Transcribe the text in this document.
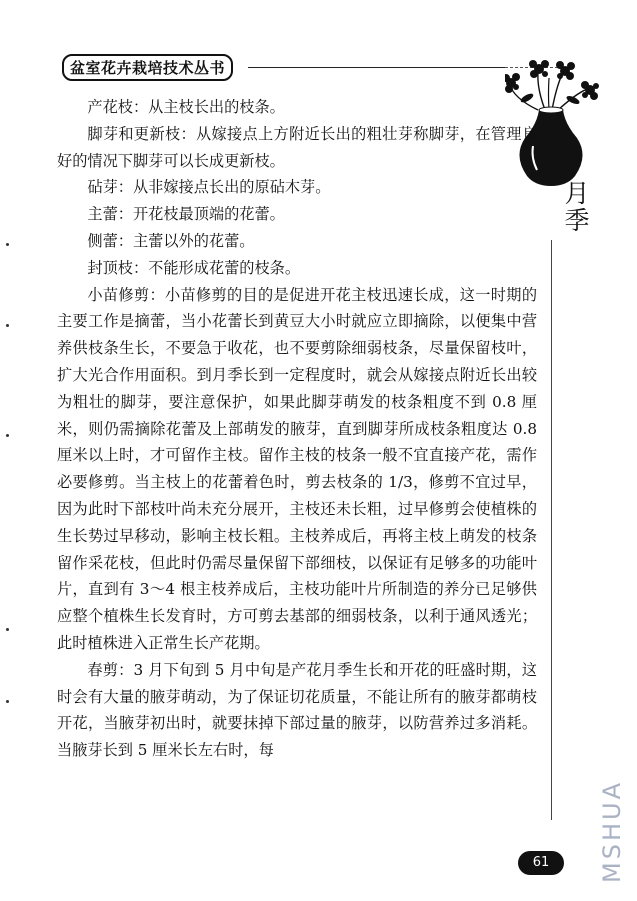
盆室花卉栽培技术丛书
月季

产花枝：从主枝长出的枝条。

脚芽和更新枝：从嫁接点上方附近长出的粗壮芽称脚芽，在管理良好的情况下脚芽可以长成更新枝。

砧芽：从非嫁接点长出的原砧木芽。

主蕾：开花枝最顶端的花蕾。

侧蕾：主蕾以外的花蕾。

封顶枝：不能形成花蕾的枝条。

小苗修剪：小苗修剪的目的是促进开花主枝迅速长成，这一时期的主要工作是摘蕾，当小花蕾长到黄豆大小时就应立即摘除，以便集中营养供枝条生长，不要急于收花，也不要剪除细弱枝条，尽量保留枝叶，扩大光合作用面积。到月季长到一定程度时，就会从嫁接点附近长出较为粗壮的脚芽，要注意保护，如果此脚芽萌发的枝条粗度不到 0.8 厘米，则仍需摘除花蕾及上部萌发的腋芽，直到脚芽所成枝条粗度达 0.8 厘米以上时，才可留作主枝。留作主枝的枝条一般不宜直接产花，需作必要修剪。当主枝上的花蕾着色时，剪去枝条的 1/3，修剪不宜过早，因为此时下部枝叶尚未充分展开，主枝还未长粗，过早修剪会使植株的生长势过早移动，影响主枝长粗。主枝养成后，再将主枝上萌发的枝条留作采花枝，但此时仍需尽量保留下部细枝，以保证有足够多的功能叶片，直到有 3～4 根主枝养成后，主枝功能叶片所制造的养分已足够供应整个植株生长发育时，方可剪去基部的细弱枝条，以利于通风透光；此时植株进入正常生长产花期。

春剪：3 月下旬到 5 月中旬是产花月季生长和开花的旺盛时期，这时会有大量的腋芽萌动，为了保证切花质量，不能让所有的腋芽都萌枝开花，当腋芽初出时，就要抹掉下部过量的腋芽，以防营养过多消耗。当腋芽长到 5 厘米长左右时，每

61	MSHUA
